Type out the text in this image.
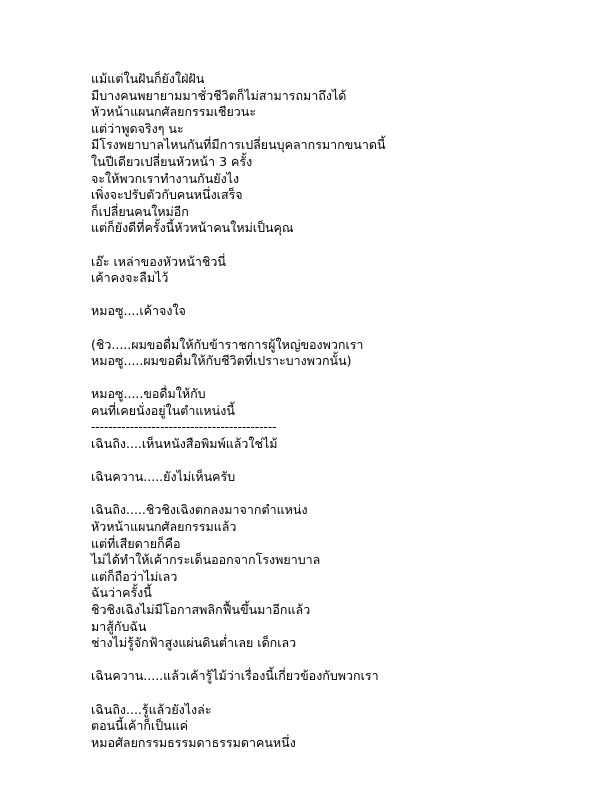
แม้แต่ในฝันก็ยังใฝ่ฝัน
มีบางคนพยายามมาชั่วชีวิตก็ไม่สามารถมาถึงได้
หัวหน้าแผนกศัลยกรรมเชียวนะ
แต่ว่าพูดจริงๆ นะ
มีโรงพยาบาลไหนกันที่มีการเปลี่ยนบุคลากรมากขนาดนี้
ในปีเดียวเปลี่ยนหัวหน้า 3 ครั้ง
จะให้พวกเราทำงานกันยังไง
เพิ่งจะปรับตัวกับคนหนึ่งเสร็จ
ก็เปลี่ยนคนใหม่อีก
แต่ก็ยังดีที่ครั้งนี้หัวหน้าคนใหม่เป็นคุณ
เอ๊ะ เหล่าของหัวหน้าชิวนี่
เค้าคงจะลืมไว้
หมอซู....เค้าจงใจ
(ชิว.....ผมขอดื่มให้กับข้าราชการผู้ใหญ่ของพวกเรา
หมอซู.....ผมขอดื่มให้กับชีวิตที่เปราะบางพวกนั้น)
หมอซู.....ขอดื่มให้กับ
คนที่เคยนั่งอยู่ในตำแหน่งนี้
-------------------------------------------
เฉินถิง....เห็นหนังสือพิมพ์แล้วใช่ไม้
เฉินควาน.....ยังไม่เห็นครับ
เฉินถิง.....ชิวชิงเฉิงตกลงมาจากตำแหน่ง
หัวหน้าแผนกศัลยกรรมแล้ว
แต่ที่เสียดายก็คือ
ไม่ได้ทำให้เค้ากระเด็นออกจากโรงพยาบาล
แต่ก็ถือว่าไม่เลว
ฉันว่าครั้งนี้
ชิวชิงเฉิงไม่มีโอกาสพลิกฟื้นขึ้นมาอีกแล้ว
มาสู้กับฉัน
ช่างไม่รู้จักฟ้าสูงแผ่นดินต่ำเลย เด็กเลว
เฉินควาน.....แล้วเค้ารู้ไม้ว่าเรื่องนี้เกี่ยวข้องกับพวกเรา
เฉินถิง....รู้แล้วยังไงล่ะ
ตอนนี้เค้าก็เป็นแค่
หมอศัลยกรรมธรรมดาธรรมดาคนหนึ่ง
